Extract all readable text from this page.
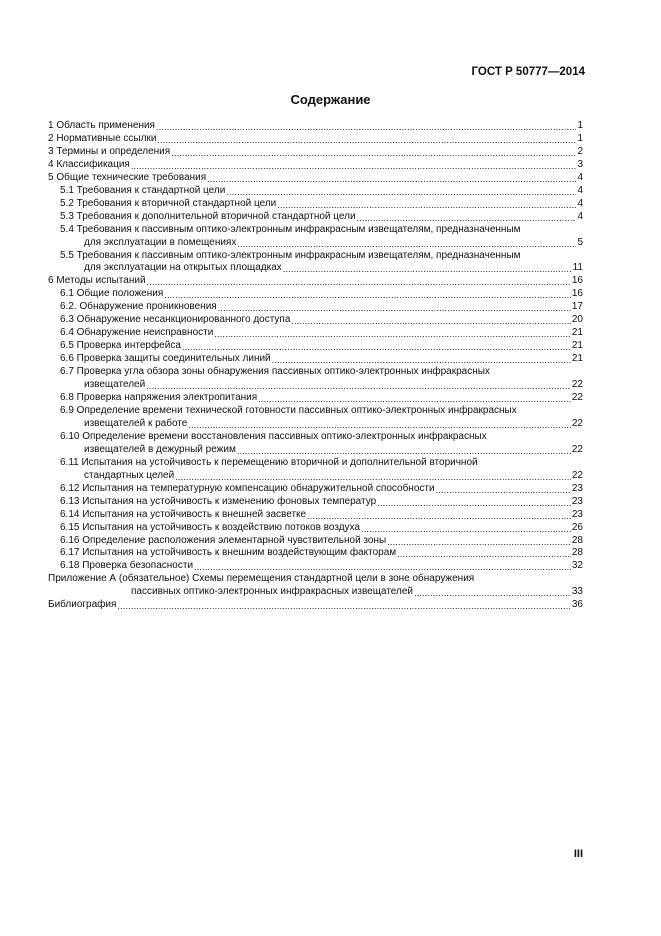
ГОСТ Р 50777—2014
Содержание
1 Область применения .....	1
2 Нормативные ссылки .....	1
3 Термины и определения .....	2
4 Классификация .....	3
5 Общие технические требования .....	4
5.1 Требования к стандартной цели .....	4
5.2 Требования к вторичной стандартной цели .....	4
5.3 Требования к дополнительной вторичной стандартной цели .....	4
5.4 Требования к пассивным оптико-электронным инфракрасным извещателям, предназначенным
для эксплуатации в помещениях .....	5
5.5 Требования к пассивным оптико-электронным инфракрасным извещателям, предназначенным
для эксплуатации на открытых площадках .....	11
6 Методы испытаний .....	16
6.1 Общие положения .....	16
6.2. Обнаружение проникновения .....	17
6.3 Обнаружение несанкционированного доступа .....	20
6.4 Обнаружение неисправности .....	21
6.5 Проверка интерфейса .....	21
6.6 Проверка защиты соединительных линий .....	21
6.7 Проверка угла обзора зоны обнаружения пассивных оптико-электронных инфракрасных
извещателей .....	22
6.8 Проверка напряжения электропитания .....	22
6.9 Определение времени технической готовности пассивных оптико-электронных инфракрасных
извещателей к работе .....	22
6.10 Определение времени восстановления пассивных оптико-электронных инфракрасных
извещателей в дежурный режим .....	22
6.11 Испытания на устойчивость к перемещению вторичной и дополнительной вторичной
стандартных целей .....	22
6.12 Испытания на температурную компенсацию обнаружительной способности .....	23
6.13 Испытания на устойчивость к изменению фоновых температур .....	23
6.14 Испытания на устойчивость к внешней засветке .....	23
6.15 Испытания на устойчивость к воздействию потоков воздуха .....	26
6.16 Определение расположения элементарной чувствительной зоны .....	28
6.17 Испытания на устойчивость к внешним воздействующим факторам .....	28
6.18 Проверка безопасности .....	32
Приложение А (обязательное) Схемы перемещения стандартной цели в зоне обнаружения
пассивных оптико-электронных инфракрасных извещателей .....	33
Библиография .....	36
III
